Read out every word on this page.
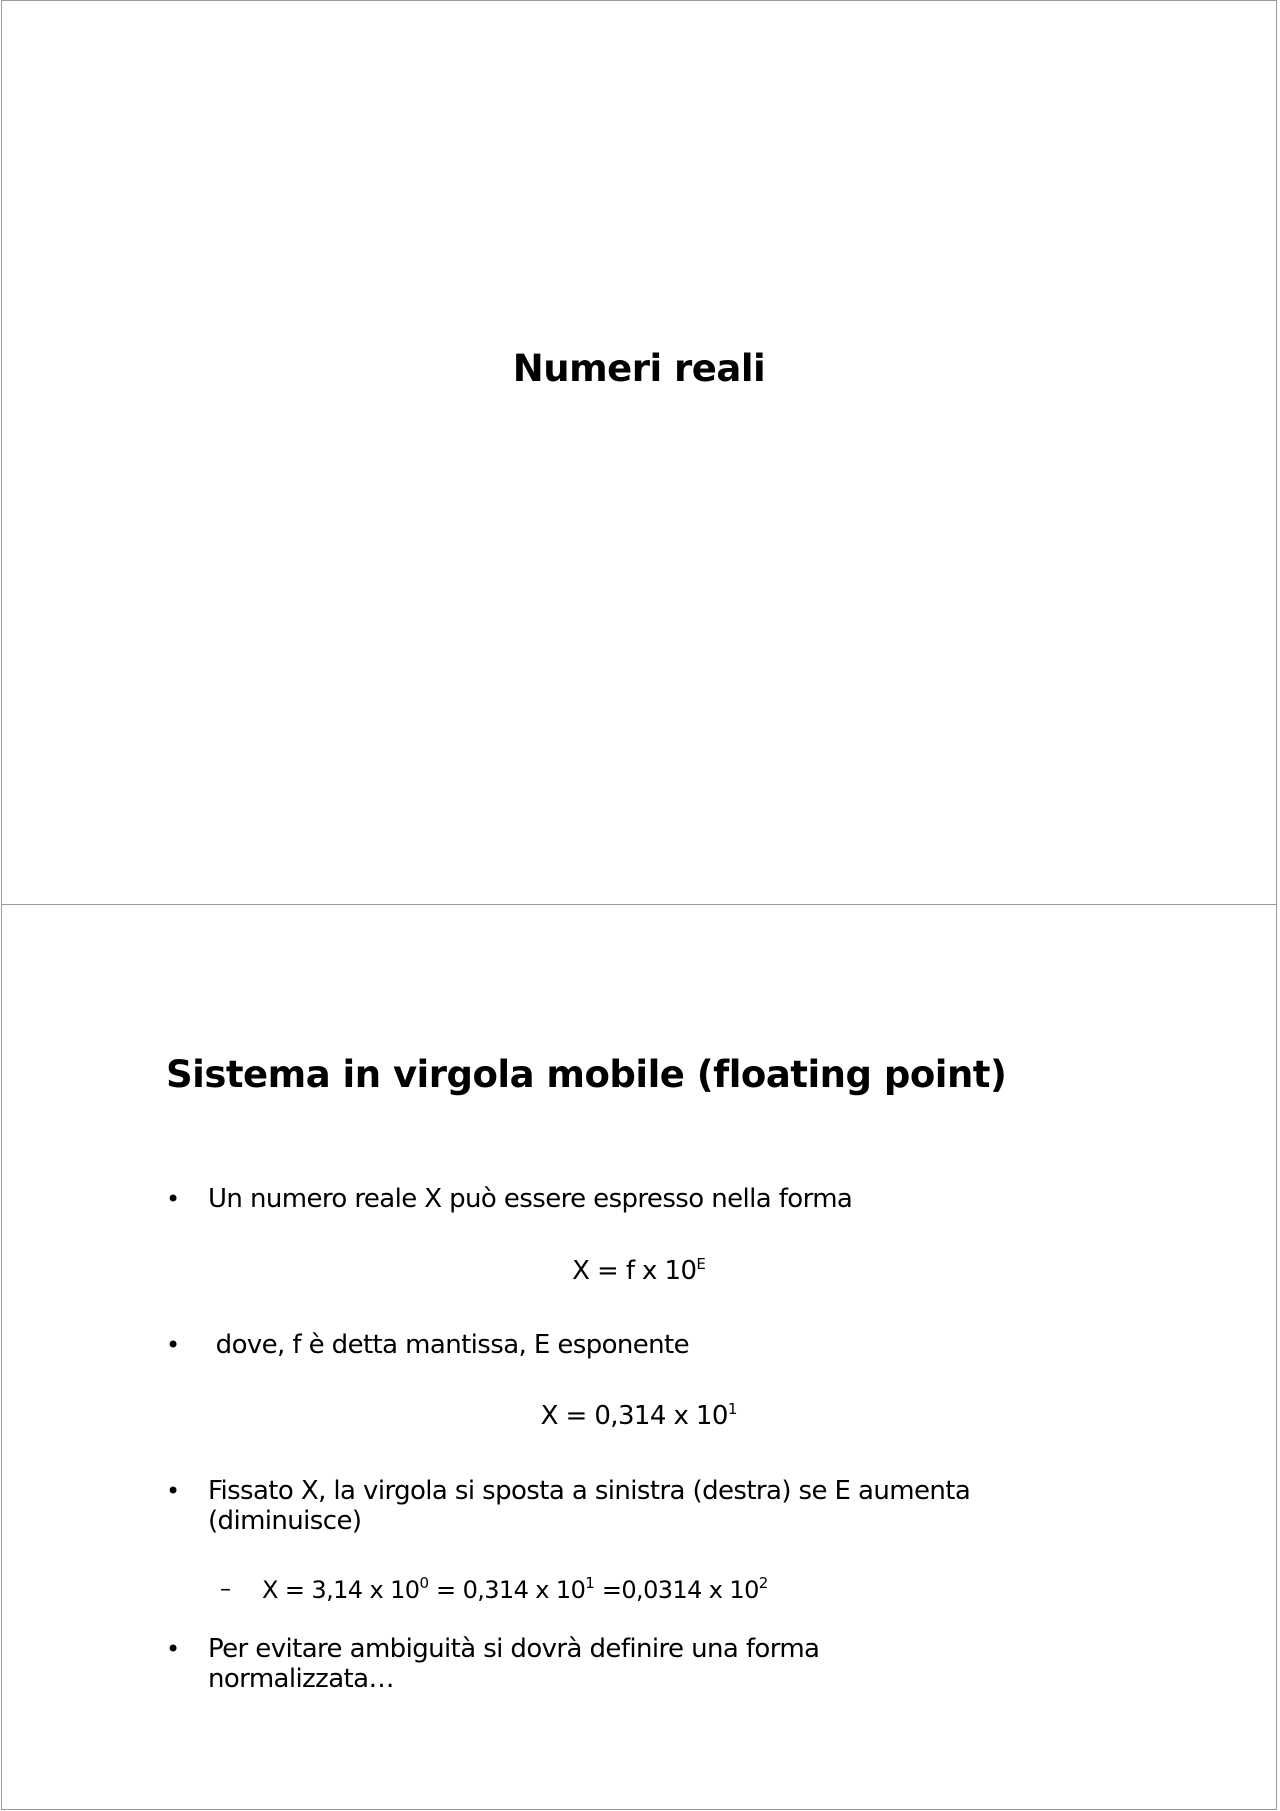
Numeri reali
Sistema in virgola mobile (floating point)
• Un numero reale X può essere espresso nella forma
X = f x $10^E$
• dove, f è detta mantissa, E esponente
X = 0,314 x $10^1$
• Fissato X, la virgola si sposta a sinistra (destra) se E aumenta (diminuisce)
– X = 3,14 x $10^0 = 0,314$ x $10^1 =0,0314$ x $10^2$
• Per evitare ambiguità si dovrà definire una forma normalizzata…
